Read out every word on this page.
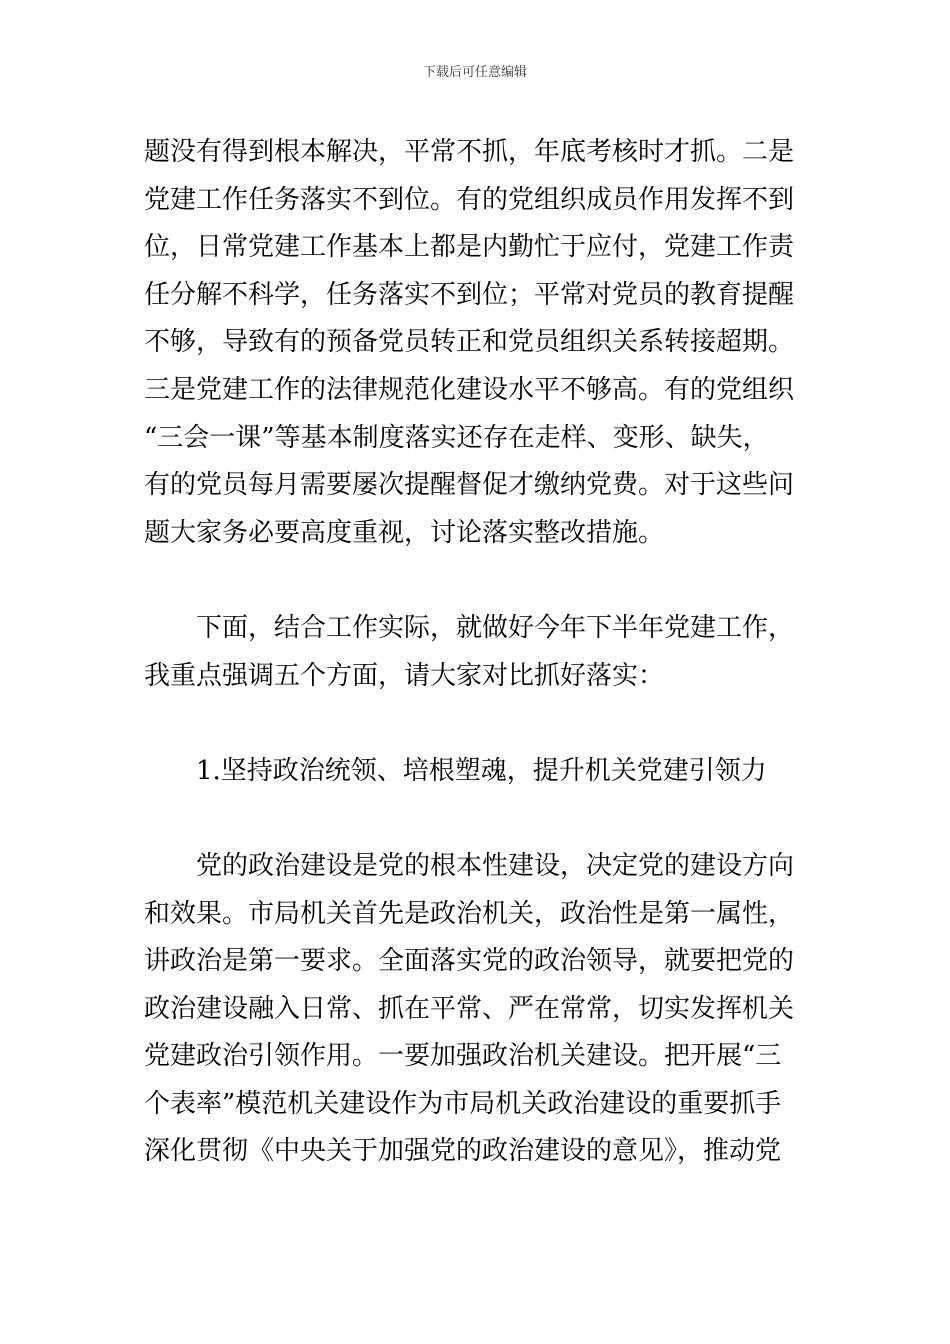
下载后可任意编辑

题没有得到根本解决，平常不抓，年底考核时才抓。二是

党建工作任务落实不到位。有的党组织成员作用发挥不到

位，日常党建工作基本上都是内勤忙于应付，党建工作责

任分解不科学，任务落实不到位；平常对党员的教育提醒

不够，导致有的预备党员转正和党员组织关系转接超期。

三是党建工作的法律规范化建设水平不够高。有的党组织

“三会一课”等基本制度落实还存在走样、变形、缺失，

有的党员每月需要屡次提醒督促才缴纳党费。对于这些问

题大家务必要高度重视，讨论落实整改措施。

　　下面，结合工作实际，就做好今年下半年党建工作，

我重点强调五个方面，请大家对比抓好落实：

　　1.坚持政治统领、培根塑魂，提升机关党建引领力

　　党的政治建设是党的根本性建设，决定党的建设方向

和效果。市局机关首先是政治机关，政治性是第一属性，

讲政治是第一要求。全面落实党的政治领导，就要把党的

政治建设融入日常、抓在平常、严在常常，切实发挥机关

党建政治引领作用。一要加强政治机关建设。把开展“三

个表率”模范机关建设作为市局机关政治建设的重要抓手

深化贯彻《中央关于加强党的政治建设的意见》，推动党
